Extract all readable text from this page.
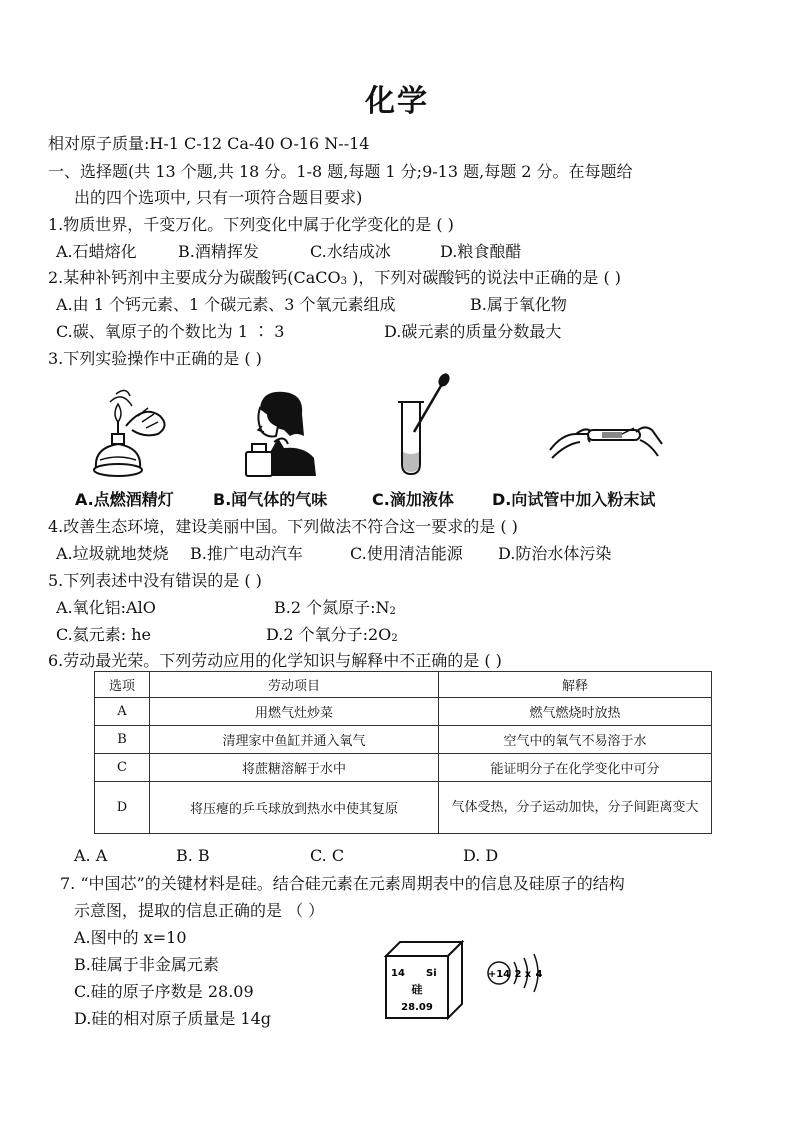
化学
相对原子质量:H-1 C-12 Ca-40 O-16 N--14
一、选择题(共 13 个题,共 18 分。1-8 题,每题 1 分;9-13 题,每题 2 分。在每题给
出的四个选项中, 只有一项符合题目要求)
1.物质世界，千变万化。下列变化中属于化学变化的是 ( )
A.石蜡熔化	B.酒精挥发	C.水结成冰	D.粮食酿醋
2.某种补钙剂中主要成分为碳酸钙(CaCO3 )，下列对碳酸钙的说法中正确的是 ( )
A.由 1 个钙元素、1 个碳元素、3 个氧元素组成	B.属于氧化物
C.碳、氧原子的个数比为 1 ∶ 3	D.碳元素的质量分数最大
3.下列实验操作中正确的是 ( )
A.点燃酒精灯 B.闻气体的气味	C.滴加液体 D.向试管中加入粉末试
4.改善生态环境，建设美丽中国。下列做法不符合这一要求的是 ( )
A.垃圾就地焚烧 B.推广电动汽车	C.使用清洁能源 D.防治水体污染
5.下列表述中没有错误的是 ( )
A.氧化铝:AlO	B.2 个氮原子:N2
C.氦元素: he	D.2 个氧分子:2O2
6.劳动最光荣。下列劳动应用的化学知识与解释中不正确的是 ( )
选项	劳动项目	解释
A	用燃气灶炒菜	燃气燃烧时放热
B	清理家中鱼缸并通入氧气	空气中的氧气不易溶于水
C	将蔗糖溶解于水中	能证明分子在化学变化中可分
D	将压瘪的乒乓球放到热水中使其复原	气体受热，分子运动加快，分子间距离变大
A. A	B. B	C. C	D. D
7. “中国芯”的关键材料是硅。结合硅元素在元素周期表中的信息及硅原子的结构
示意图，提取的信息正确的是 （ ）
A.图中的 x=10
B.硅属于非金属元素
C.硅的原子序数是 28.09
D.硅的相对原子质量是 14g
14 Si
硅
28.09
+14 2 x 4
